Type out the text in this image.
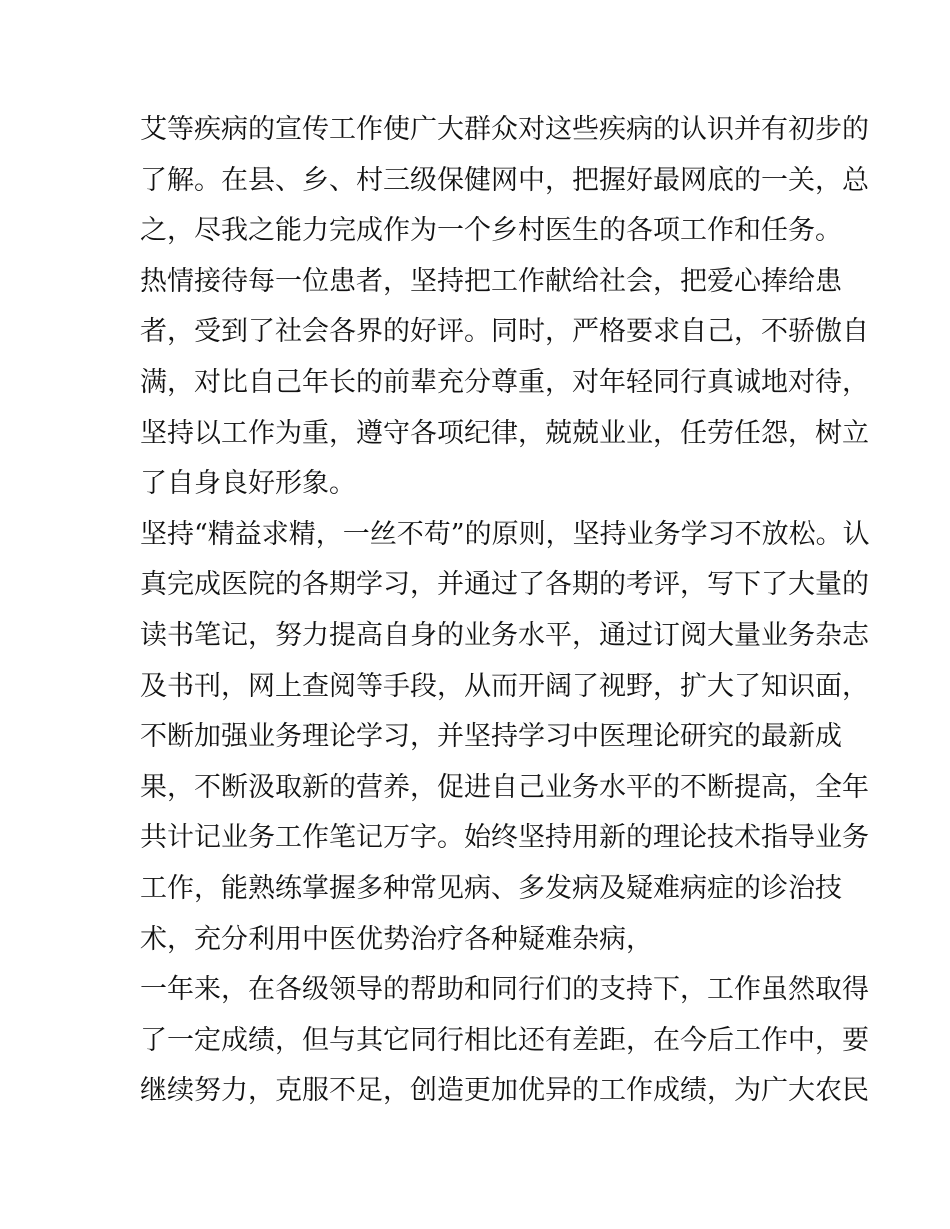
艾等疾病的宣传工作使广大群众对这些疾病的认识并有初步的
了解。在县、乡、村三级保健网中，把握好最网底的一关，总
之，尽我之能力完成作为一个乡村医生的各项工作和任务。
热情接待每一位患者，坚持把工作献给社会，把爱心捧给患
者，受到了社会各界的好评。同时，严格要求自己，不骄傲自
满，对比自己年长的前辈充分尊重，对年轻同行真诚地对待，
坚持以工作为重，遵守各项纪律，兢兢业业，任劳任怨，树立
了自身良好形象。
坚持“精益求精，一丝不苟”的原则，坚持业务学习不放松。认
真完成医院的各期学习，并通过了各期的考评，写下了大量的
读书笔记，努力提高自身的业务水平，通过订阅大量业务杂志
及书刊，网上查阅等手段，从而开阔了视野，扩大了知识面，
不断加强业务理论学习，并坚持学习中医理论研究的最新成
果，不断汲取新的营养，促进自己业务水平的不断提高，全年
共计记业务工作笔记万字。始终坚持用新的理论技术指导业务
工作，能熟练掌握多种常见病、多发病及疑难病症的诊治技
术，充分利用中医优势治疗各种疑难杂病，
一年来，在各级领导的帮助和同行们的支持下，工作虽然取得
了一定成绩，但与其它同行相比还有差距，在今后工作中，要
继续努力，克服不足，创造更加优异的工作成绩，为广大农民
